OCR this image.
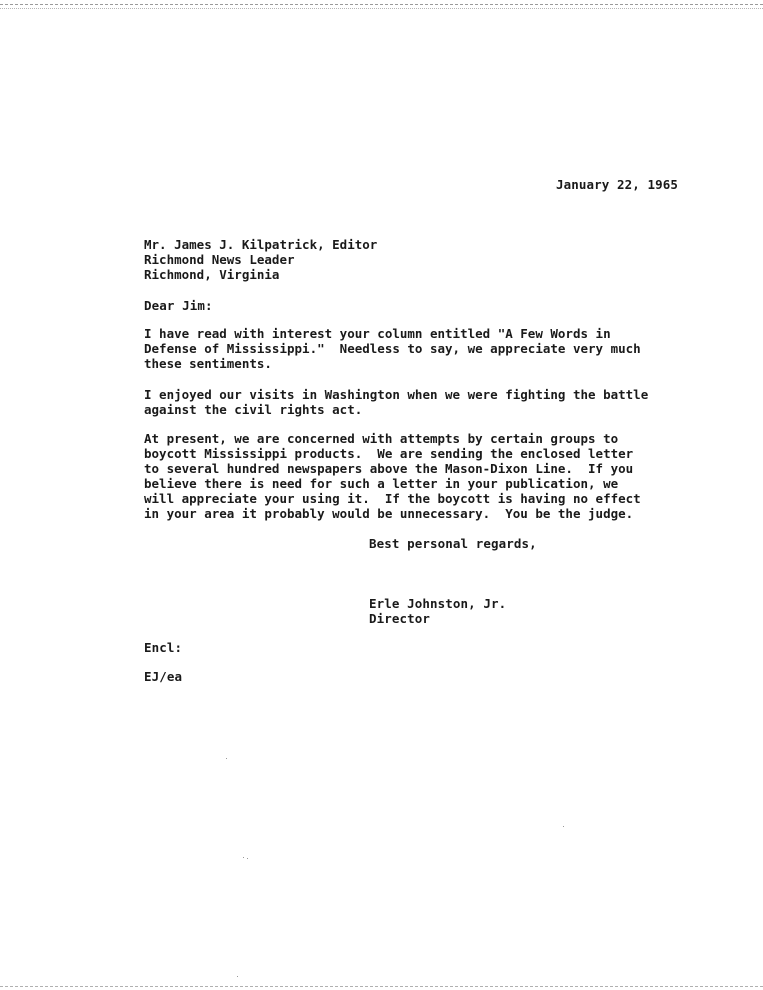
January 22, 1965
Mr. James J. Kilpatrick, Editor
Richmond News Leader
Richmond, Virginia
Dear Jim:
I have read with interest your column entitled "A Few Words in
Defense of Mississippi."  Needless to say, we appreciate very much
these sentiments.
I enjoyed our visits in Washington when we were fighting the battle
against the civil rights act.
At present, we are concerned with attempts by certain groups to
boycott Mississippi products.  We are sending the enclosed letter
to several hundred newspapers above the Mason-Dixon Line.  If you
believe there is need for such a letter in your publication, we
will appreciate your using it.  If the boycott is having no effect
in your area it probably would be unnecessary.  You be the judge.
Best personal regards,
Erle Johnston, Jr.
Director
Encl:
EJ/ea
